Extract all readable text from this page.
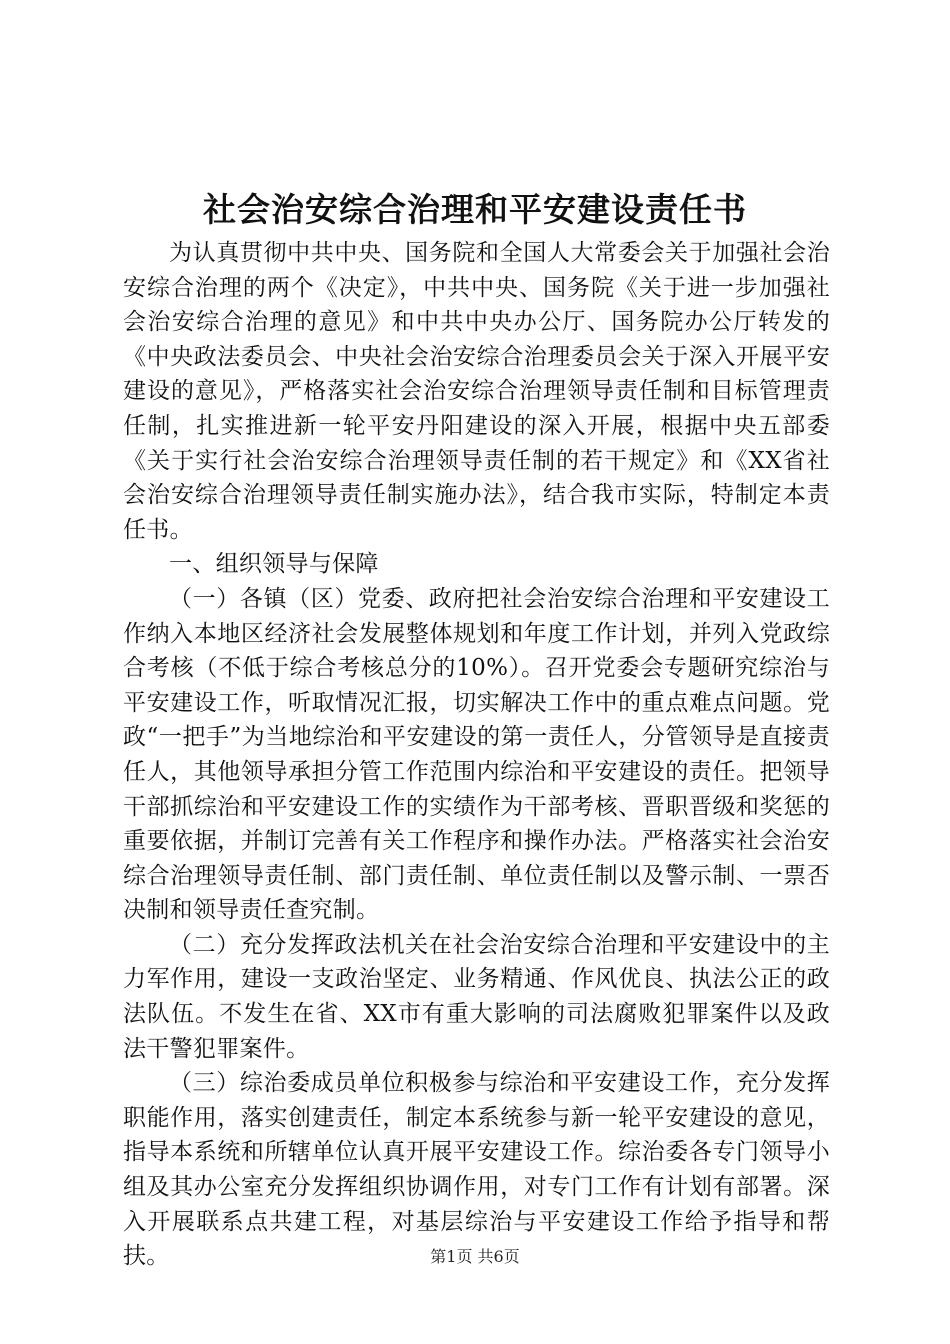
社会治安综合治理和平安建设责任书

为认真贯彻中共中央、国务院和全国人大常委会关于加强社会治安综合治理的两个《决定》，中共中央、国务院《关于进一步加强社会治安综合治理的意见》和中共中央办公厅、国务院办公厅转发的《中央政法委员会、中央社会治安综合治理委员会关于深入开展平安建设的意见》，严格落实社会治安综合治理领导责任制和目标管理责任制，扎实推进新一轮平安丹阳建设的深入开展，根据中央五部委《关于实行社会治安综合治理领导责任制的若干规定》和《XX省社会治安综合治理领导责任制实施办法》，结合我市实际，特制定本责任书。

一、组织领导与保障

（一）各镇（区）党委、政府把社会治安综合治理和平安建设工作纳入本地区经济社会发展整体规划和年度工作计划，并列入党政综合考核（不低于综合考核总分的10%）。召开党委会专题研究综治与平安建设工作，听取情况汇报，切实解决工作中的重点难点问题。党政“一把手”为当地综治和平安建设的第一责任人，分管领导是直接责任人，其他领导承担分管工作范围内综治和平安建设的责任。把领导干部抓综治和平安建设工作的实绩作为干部考核、晋职晋级和奖惩的重要依据，并制订完善有关工作程序和操作办法。严格落实社会治安综合治理领导责任制、部门责任制、单位责任制以及警示制、一票否决制和领导责任查究制。

（二）充分发挥政法机关在社会治安综合治理和平安建设中的主力军作用，建设一支政治坚定、业务精通、作风优良、执法公正的政法队伍。不发生在省、XX市有重大影响的司法腐败犯罪案件以及政法干警犯罪案件。

（三）综治委成员单位积极参与综治和平安建设工作，充分发挥职能作用，落实创建责任，制定本系统参与新一轮平安建设的意见，指导本系统和所辖单位认真开展平安建设工作。综治委各专门领导小组及其办公室充分发挥组织协调作用，对专门工作有计划有部署。深入开展联系点共建工程，对基层综治与平安建设工作给予指导和帮扶。	第1页 共6页
